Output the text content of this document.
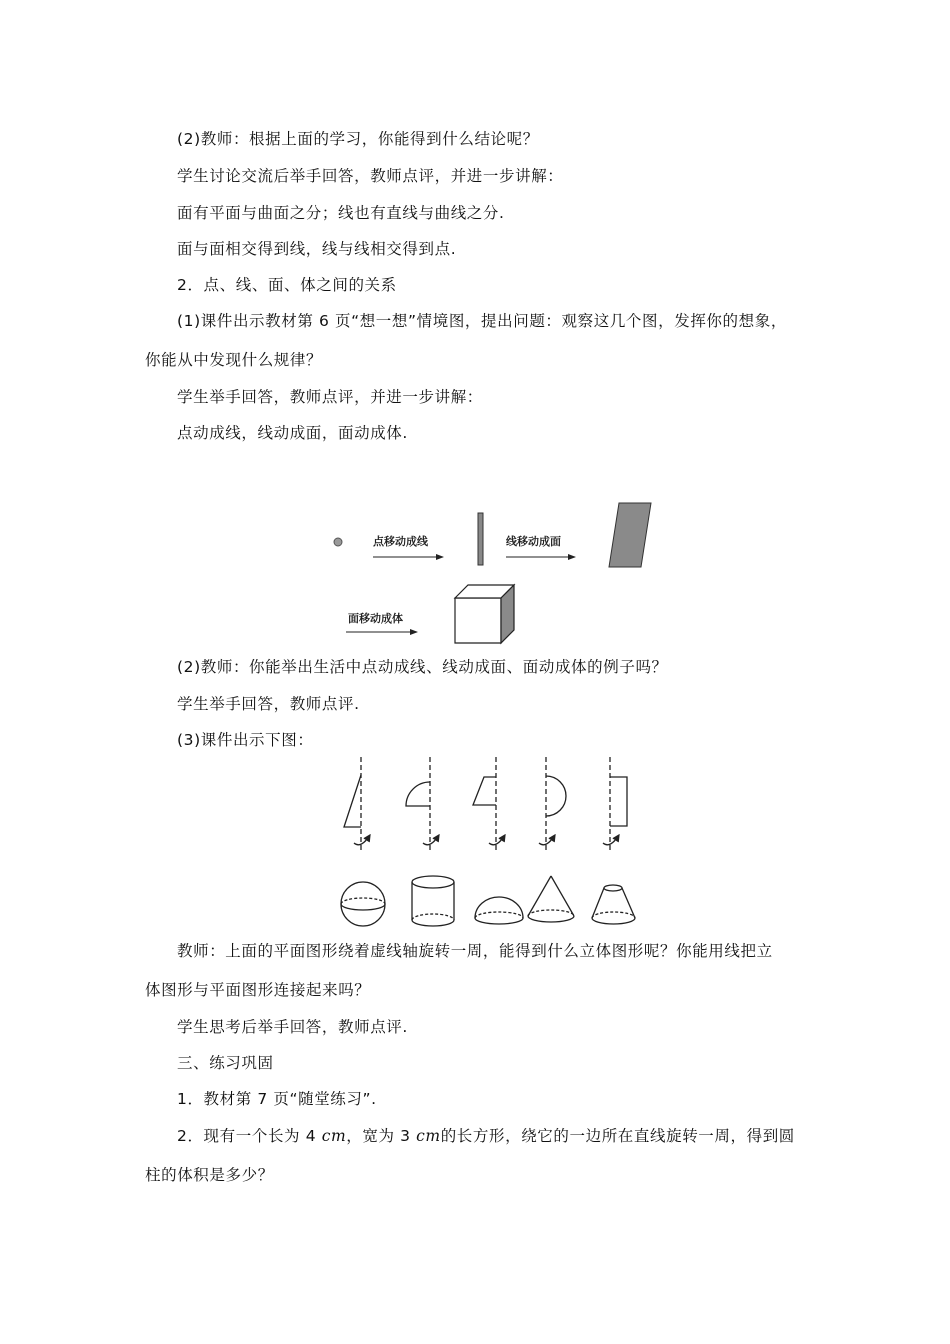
(2)教师：根据上面的学习，你能得到什么结论呢？
学生讨论交流后举手回答，教师点评，并进一步讲解：
面有平面与曲面之分；线也有直线与曲线之分.
面与面相交得到线，线与线相交得到点.
2．点、线、面、体之间的关系
(1)课件出示教材第 6 页“想一想”情境图，提出问题：观察这几个图，发挥你的想象，
你能从中发现什么规律？
学生举手回答，教师点评，并进一步讲解：
点动成线，线动成面，面动成体.
点移动成线	线移动成面
面移动成体
(2)教师：你能举出生活中点动成线、线动成面、面动成体的例子吗？
学生举手回答，教师点评.
(3)课件出示下图：
教师：上面的平面图形绕着虚线轴旋转一周，能得到什么立体图形呢？你能用线把立
体图形与平面图形连接起来吗？
学生思考后举手回答，教师点评.
三、练习巩固
1．教材第 7 页“随堂练习”.
2．现有一个长为 4 cm，宽为 3 cm的长方形，绕它的一边所在直线旋转一周，得到圆
柱的体积是多少？
